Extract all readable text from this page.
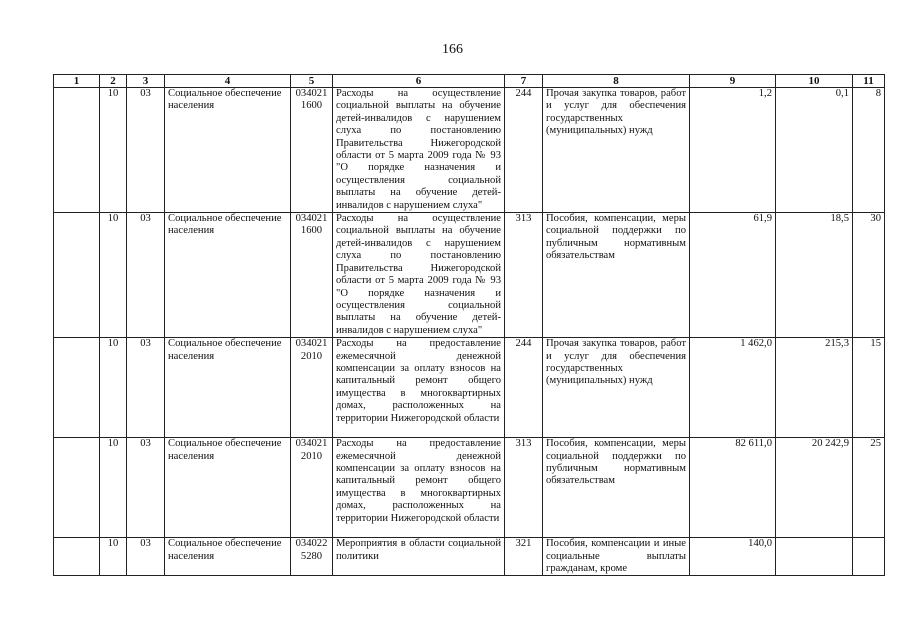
166
1	2	3	4	5	6	7	8	9	10	11
	10	03	Социальное обеспечение населения	034021 1600	Расходы на осуществление социальной выплаты на обучение детей-инвалидов с нарушением слуха по постановлению Правительства Нижегородской области от 5 марта 2009 года № 93 "О порядке назначения и осуществления социальной выплаты на обучение детей-инвалидов с нарушением слуха"	244	Прочая закупка товаров, работ и услуг для обеспечения государственных (муниципальных) нужд	1,2	0,1	8
	10	03	Социальное обеспечение населения	034021 1600	Расходы на осуществление социальной выплаты на обучение детей-инвалидов с нарушением слуха по постановлению Правительства Нижегородской области от 5 марта 2009 года № 93 "О порядке назначения и осуществления социальной выплаты на обучение детей-инвалидов с нарушением слуха"	313	Пособия, компенсации, меры социальной поддержки по публичным нормативным обязательствам	61,9	18,5	30
	10	03	Социальное обеспечение населения	034021 2010	Расходы на предоставление ежемесячной денежной компенсации за оплату взносов на капитальный ремонт общего имущества в многоквартирных домах, расположенных на территории Нижегородской области	244	Прочая закупка товаров, работ и услуг для обеспечения государственных (муниципальных) нужд	1 462,0	215,3	15
	10	03	Социальное обеспечение населения	034021 2010	Расходы на предоставление ежемесячной денежной компенсации за оплату взносов на капитальный ремонт общего имущества в многоквартирных домах, расположенных на территории Нижегородской области	313	Пособия, компенсации, меры социальной поддержки по публичным нормативным обязательствам	82 611,0	20 242,9	25
	10	03	Социальное обеспечение населения	034022 5280	Мероприятия в области социальной политики	321	Пособия, компенсации и иные социальные выплаты гражданам, кроме	140,0		
